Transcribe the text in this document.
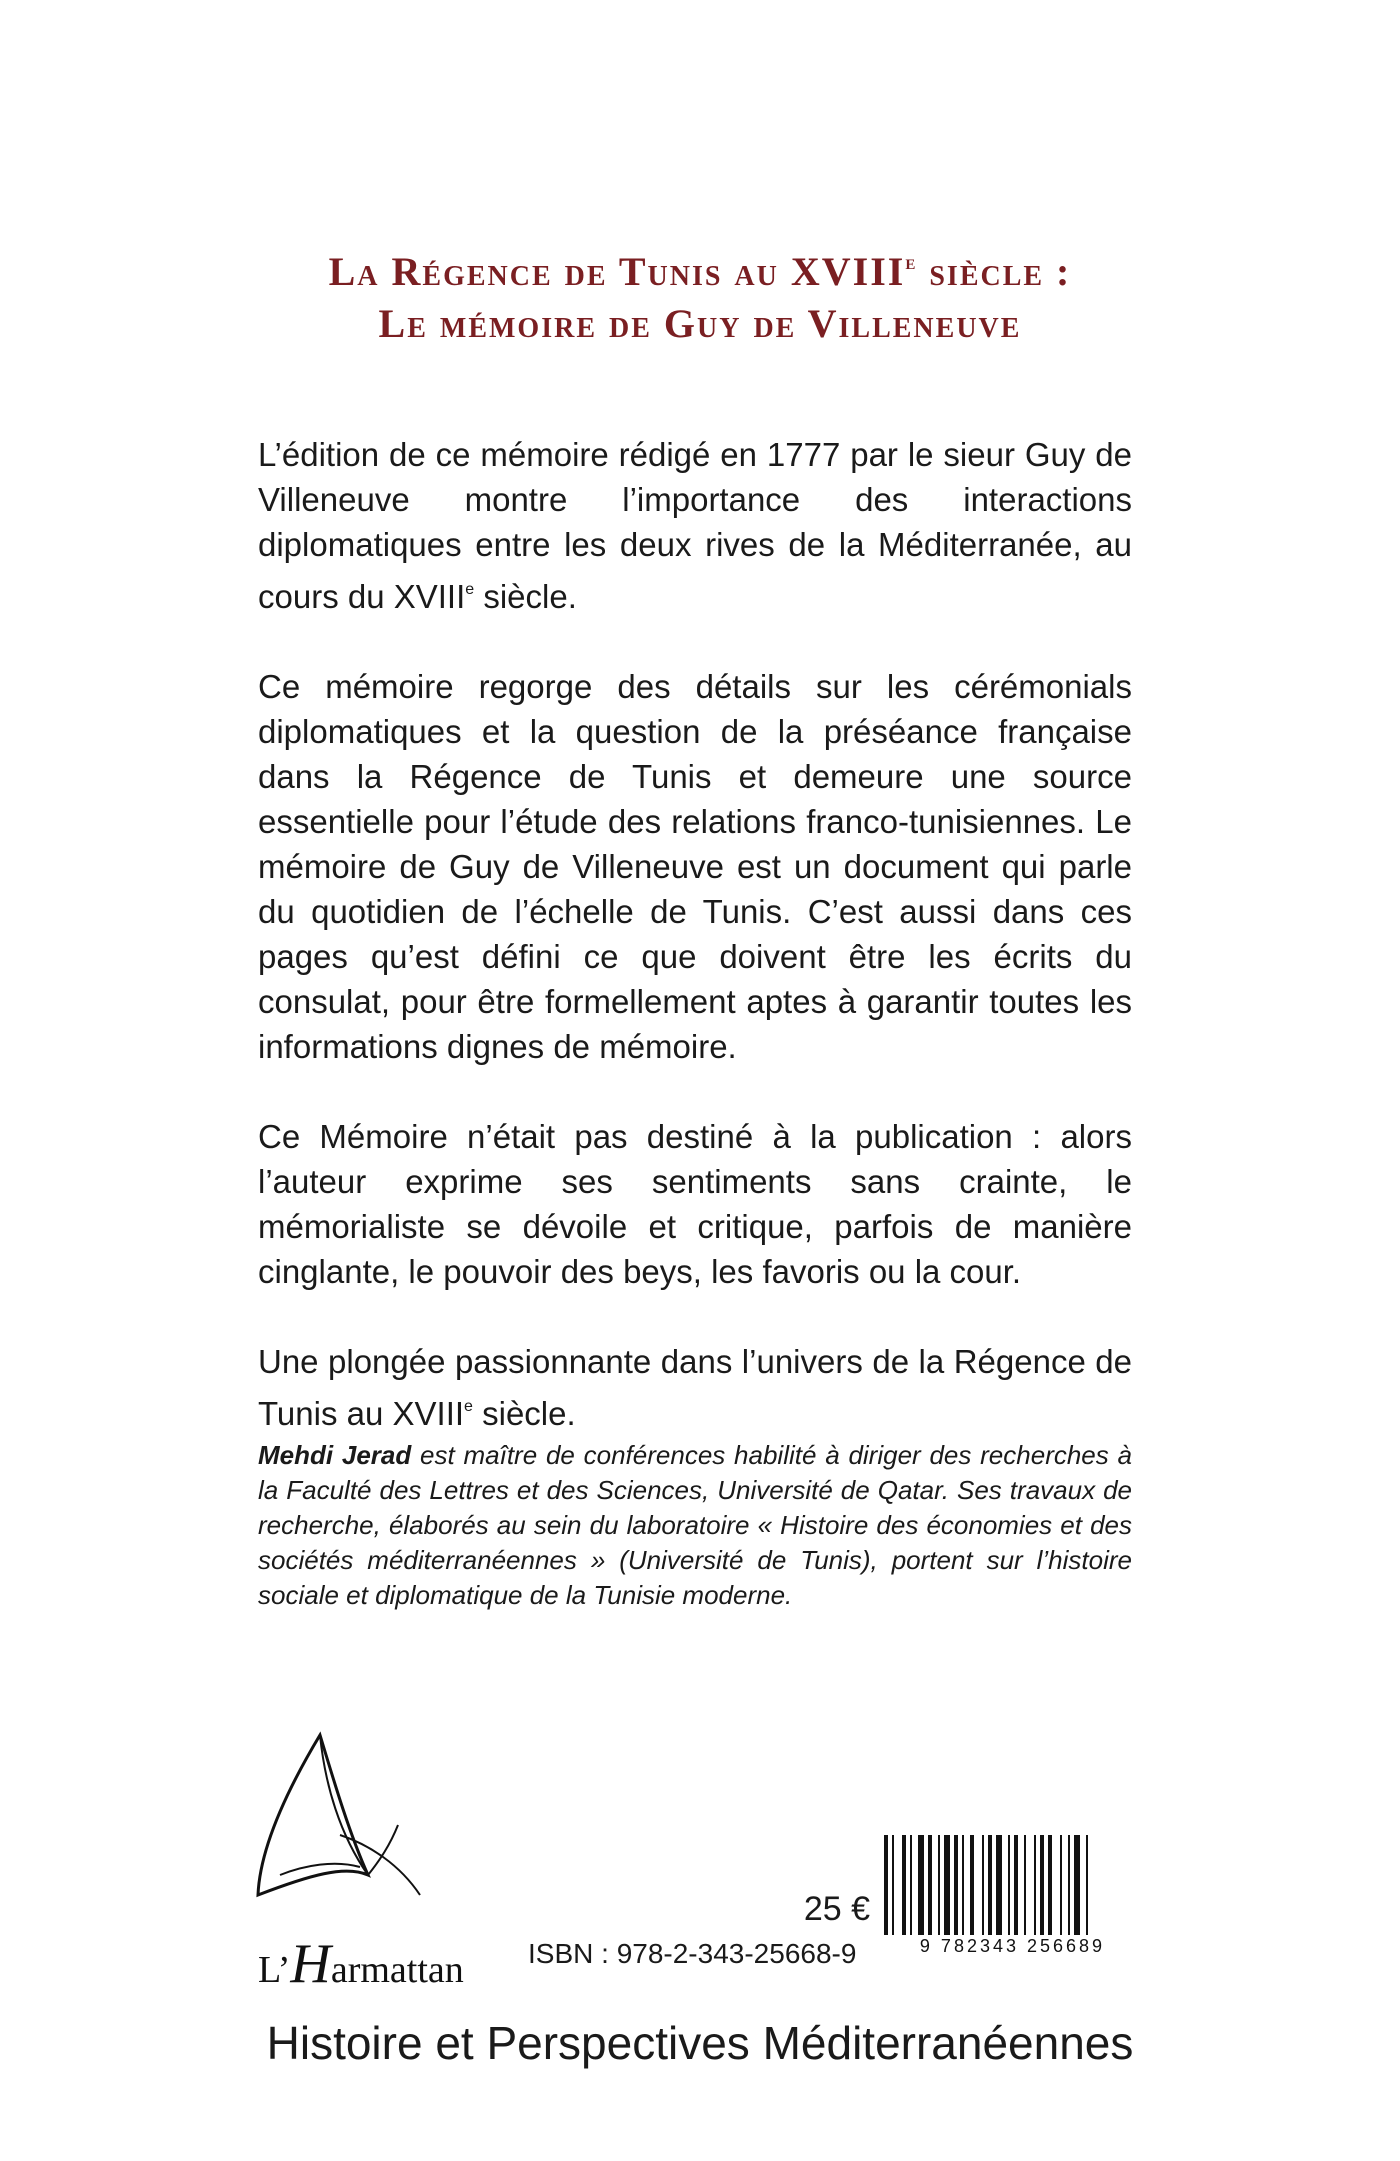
La Régence de Tunis au XVIIIe siècle :
Le mémoire de Guy de Villeneuve

L’édition de ce mémoire rédigé en 1777 par le sieur Guy de Villeneuve montre l’importance des interactions diplomatiques entre les deux rives de la Méditerranée, au cours du XVIIIe siècle.

Ce mémoire regorge des détails sur les cérémonials diplomatiques et la question de la préséance française dans la Régence de Tunis et demeure une source essentielle pour l’étude des relations franco-tunisiennes. Le mémoire de Guy de Villeneuve est un document qui parle du quotidien de l’échelle de Tunis. C’est aussi dans ces pages qu’est défini ce que doivent être les écrits du consulat, pour être formellement aptes à garantir toutes les informations dignes de mémoire.

Ce Mémoire n’était pas destiné à la publication : alors l’auteur exprime ses sentiments sans crainte, le mémorialiste se dévoile et critique, parfois de manière cinglante, le pouvoir des beys, les favoris ou la cour.

Une plongée passionnante dans l’univers de la Régence de Tunis au XVIIIe siècle.

Mehdi Jerad est maître de conférences habilité à diriger des recherches à la Faculté des Lettres et des Sciences, Université de Qatar. Ses travaux de recherche, élaborés au sein du laboratoire « Histoire des économies et des sociétés méditerranéennes » (Université de Tunis), portent sur l’histoire sociale et diplomatique de la Tunisie moderne.
L’Harmattan
25 €
ISBN : 978-2-343-25668-9	9 782343 256689
Histoire et Perspectives Méditerranéennes
